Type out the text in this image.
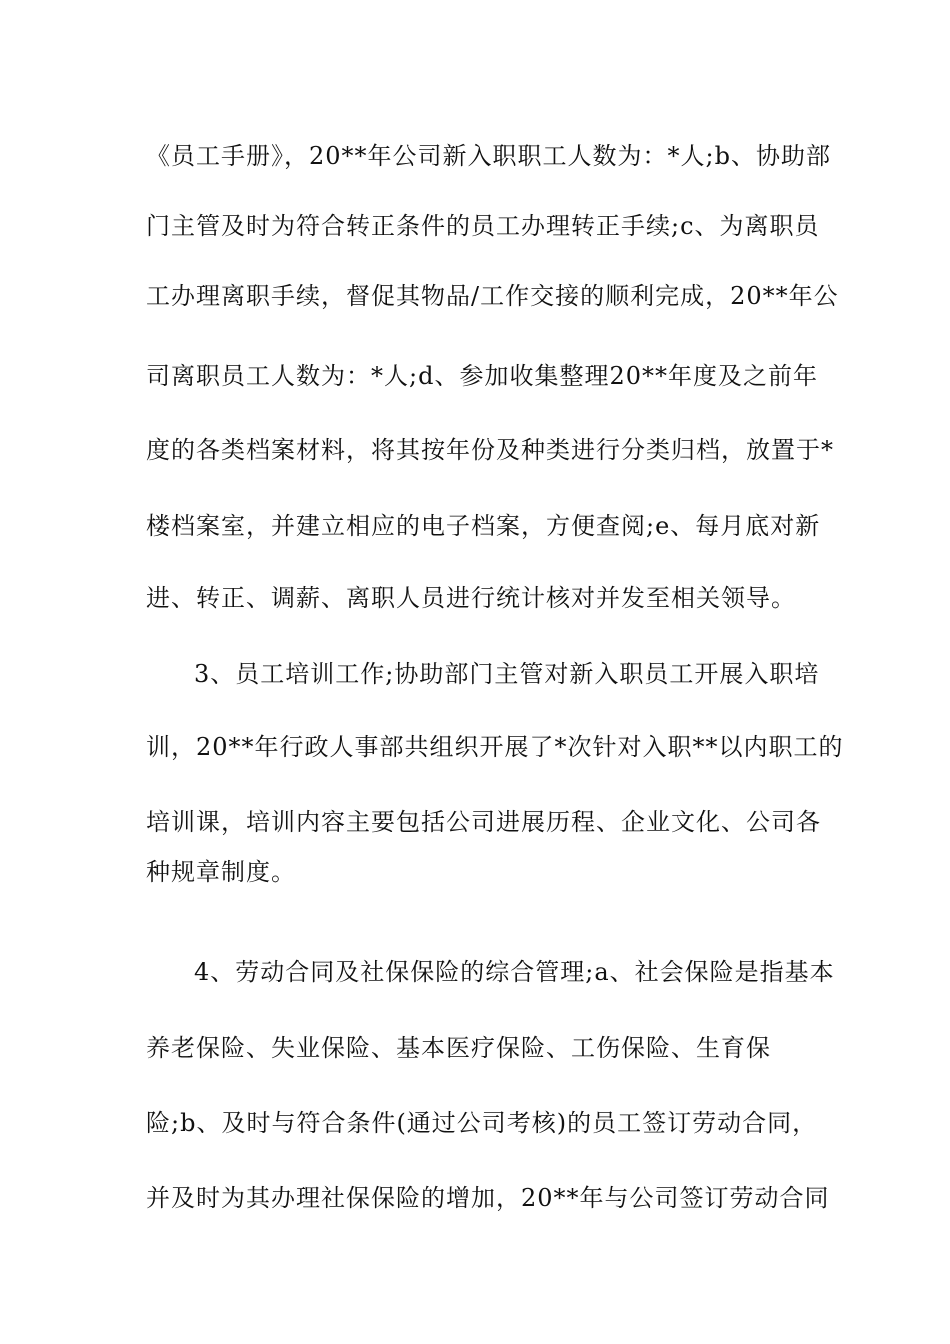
《员工手册》，20**年公司新入职职工人数为：*人;b、协助部
门主管及时为符合转正条件的员工办理转正手续;c、为离职员
工办理离职手续，督促其物品/工作交接的顺利完成，20**年公
司离职员工人数为：*人;d、参加收集整理20**年度及之前年
度的各类档案材料，将其按年份及种类进行分类归档，放置于*
楼档案室，并建立相应的电子档案，方便查阅;e、每月底对新
进、转正、调薪、离职人员进行统计核对并发至相关领导。
3、员工培训工作;协助部门主管对新入职员工开展入职培
训，20**年行政人事部共组织开展了*次针对入职**以内职工的
培训课，培训内容主要包括公司进展历程、企业文化、公司各
种规章制度。
4、劳动合同及社保保险的综合管理;a、社会保险是指基本
养老保险、失业保险、基本医疗保险、工伤保险、生育保
险;b、及时与符合条件(通过公司考核)的员工签订劳动合同，
并及时为其办理社保保险的增加，20**年与公司签订劳动合同
